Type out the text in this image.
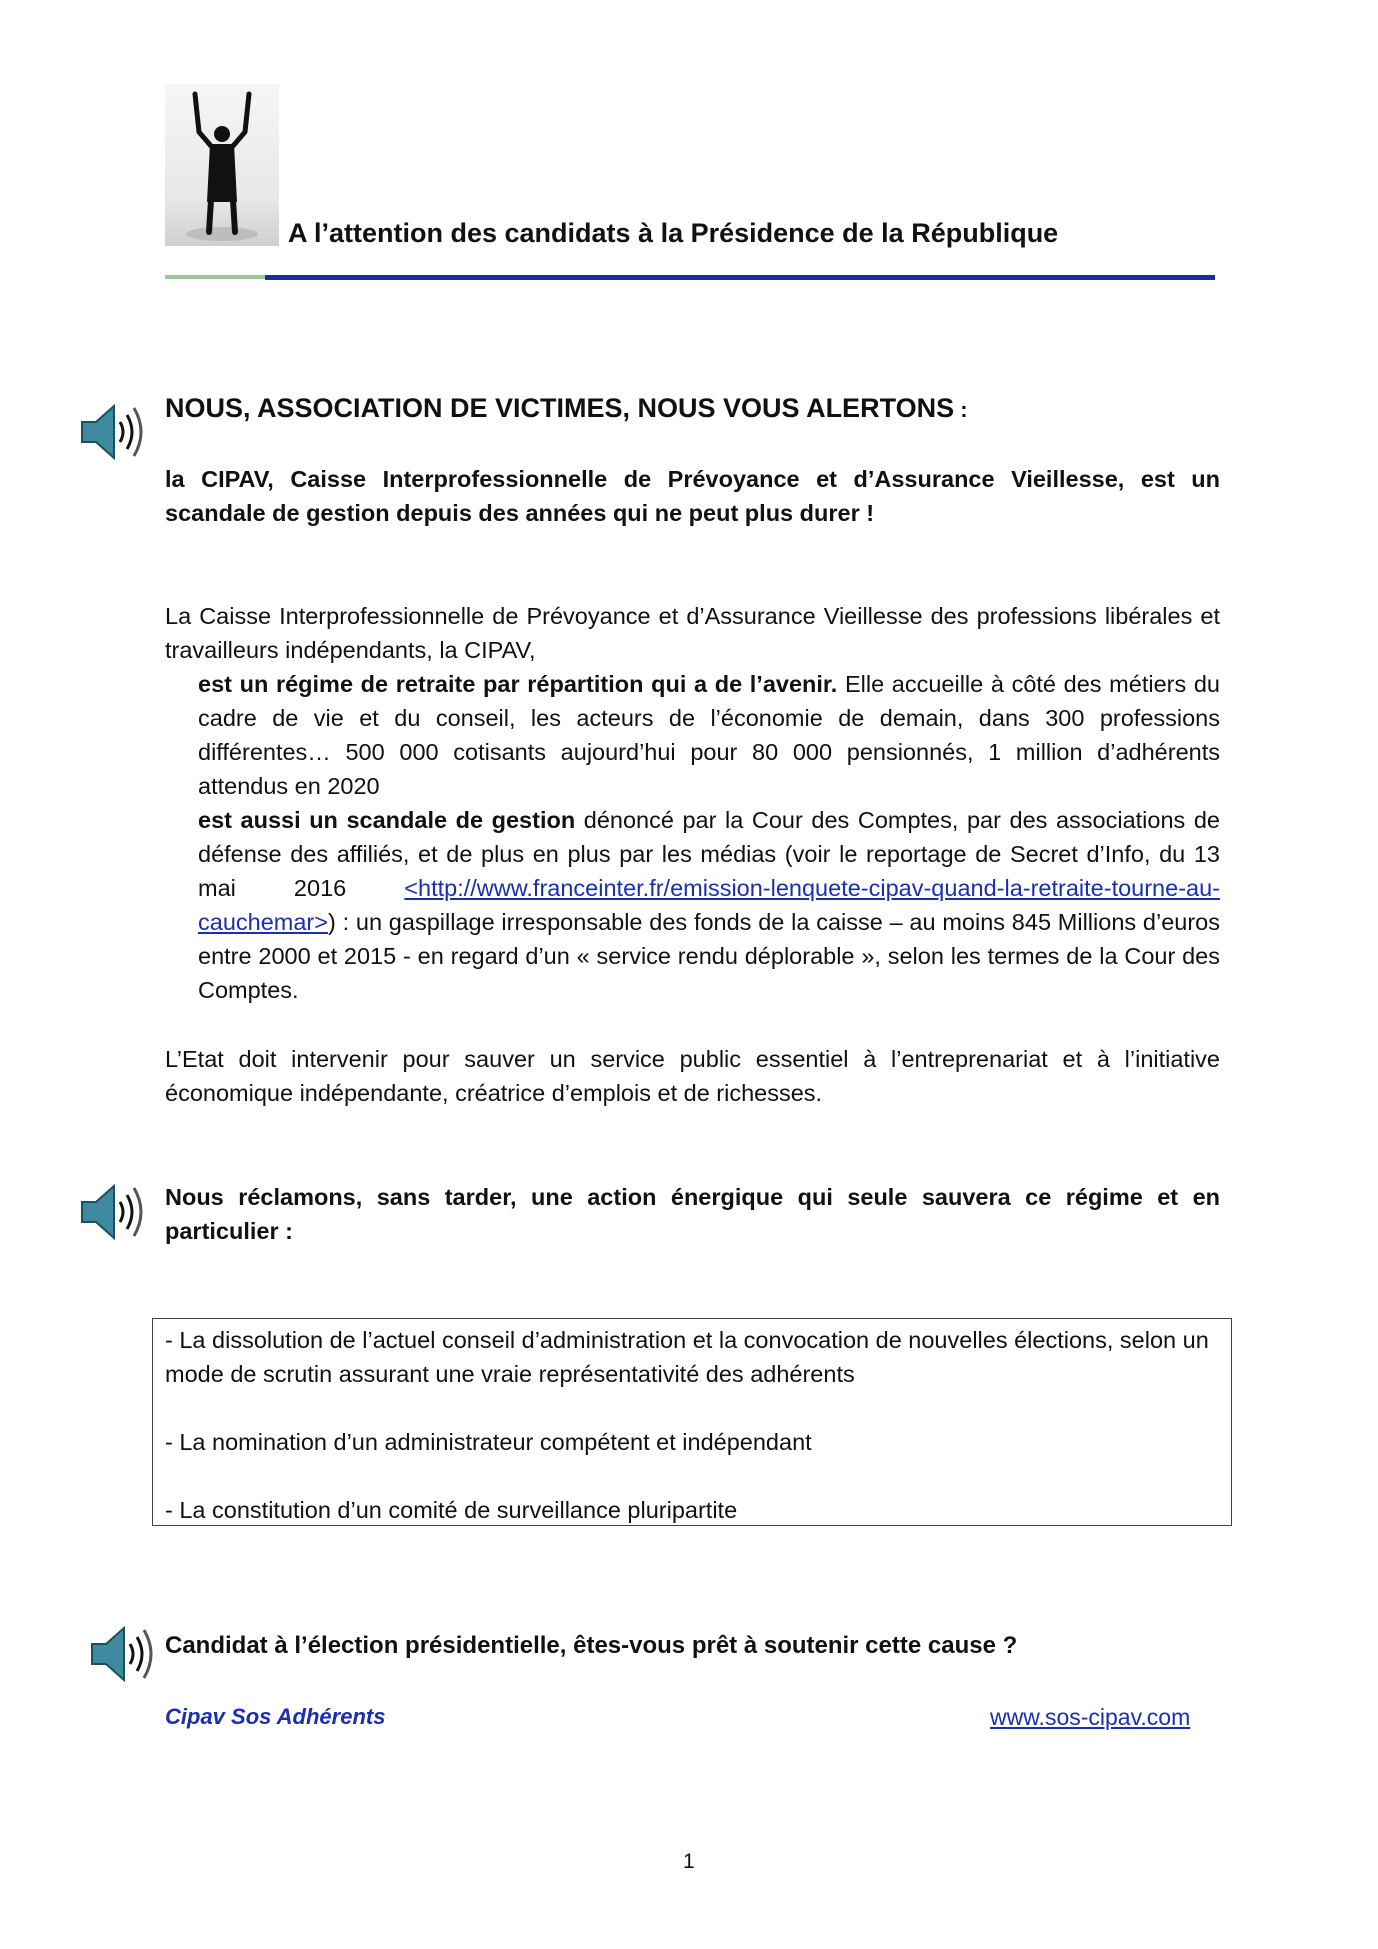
A l’attention des candidats à la Présidence de la République
NOUS, ASSOCIATION DE VICTIMES, NOUS VOUS ALERTONS :
la CIPAV, Caisse Interprofessionnelle de Prévoyance et d’Assurance Vieillesse, est un scandale de gestion depuis des années qui ne peut plus durer !
La Caisse Interprofessionnelle de Prévoyance et d’Assurance Vieillesse des professions libérales et travailleurs indépendants, la CIPAV,

est un régime de retraite par répartition qui a de l’avenir. Elle accueille à côté des métiers du cadre de vie et du conseil, les acteurs de l’économie de demain, dans 300 professions différentes… 500 000 cotisants aujourd’hui pour 80 000 pensionnés, 1 million d’adhérents attendus en 2020

est aussi un scandale de gestion dénoncé par la Cour des Comptes, par des associations de défense des affiliés, et de plus en plus par les médias (voir le reportage de Secret d’Info, du 13 mai 2016 <http://www.franceinter.fr/emission-lenquete-cipav-quand-la-retraite-tourne-au-cauchemar>) : un gaspillage irresponsable des fonds de la caisse – au moins 845 Millions d’euros entre 2000 et 2015 - en regard d’un « service rendu déplorable », selon les termes de la Cour des Comptes.

L’Etat doit intervenir pour sauver un service public essentiel à l’entreprenariat et à l’initiative économique indépendante, créatrice d’emplois et de richesses.
Nous réclamons, sans tarder, une action énergique qui seule sauvera ce régime et en particulier :

- La dissolution de l’actuel conseil d’administration et la convocation de nouvelles élections, selon un mode de scrutin assurant une vraie représentativité des adhérents

- La nomination d’un administrateur compétent et indépendant

- La constitution d’un comité de surveillance pluripartite

Candidat à l’élection présidentielle, êtes-vous prêt à soutenir cette cause ?
Cipav Sos Adhérents	www.sos-cipav.com
1
